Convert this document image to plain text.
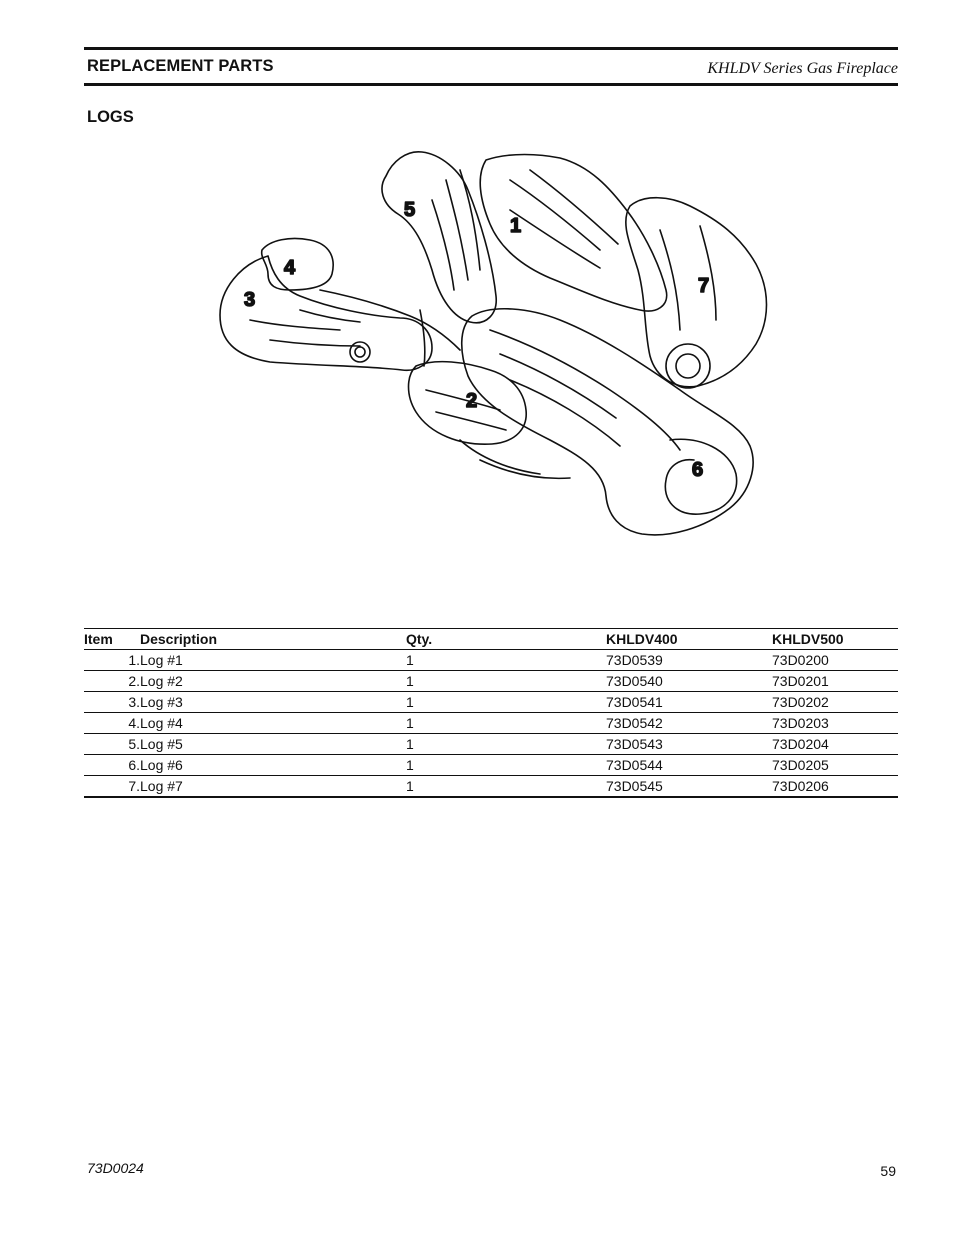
REPLACEMENT PARTS	KHLDV Series Gas Fireplace
LOGS
1
2
3
4
5
6
7
Item	Description	Qty.	KHLDV400	KHLDV500
1.	Log #1	1	73D0539	73D0200
2.	Log #2	1	73D0540	73D0201
3.	Log #3	1	73D0541	73D0202
4.	Log #4	1	73D0542	73D0203
5.	Log #5	1	73D0543	73D0204
6.	Log #6	1	73D0544	73D0205
7.	Log #7	1	73D0545	73D0206
73D0024	59
